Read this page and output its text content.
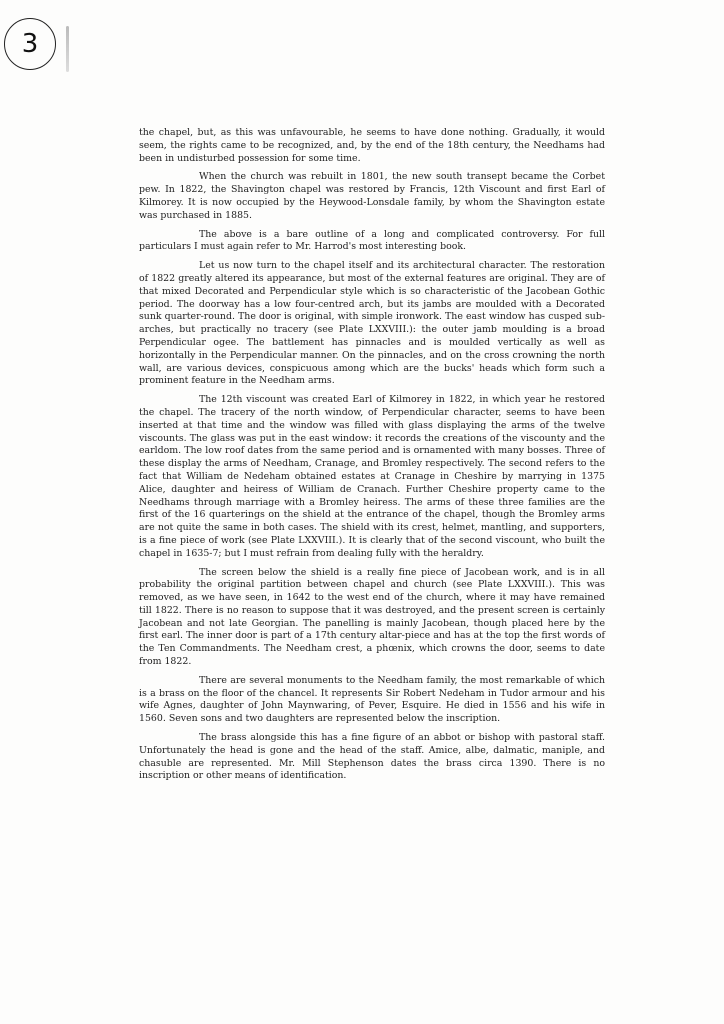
3

the chapel, but, as this was unfavourable, he seems to have done nothing. Gradually, it would seem, the rights came to be recognized, and, by the end of the 18th century, the Needhams had been in undisturbed possession for some time.

When the church was rebuilt in 1801, the new south transept became the Corbet pew. In 1822, the Shavington chapel was restored by Francis, 12th Viscount and first Earl of Kilmorey. It is now occupied by the Heywood-Lonsdale family, by whom the Shavington estate was purchased in 1885.

The above is a bare outline of a long and complicated controversy. For full particulars I must again refer to Mr. Harrod's most interesting book.

Let us now turn to the chapel itself and its architectural character. The restoration of 1822 greatly altered its appearance, but most of the external features are original. They are of that mixed Decorated and Perpendicular style which is so characteristic of the Jacobean Gothic period. The doorway has a low four-centred arch, but its jambs are moulded with a Decorated sunk quarter-round. The door is original, with simple ironwork. The east window has cusped sub-arches, but practically no tracery (see Plate LXXVIII.): the outer jamb moulding is a broad Perpendicular ogee. The battlement has pinnacles and is moulded vertically as well as horizontally in the Perpendicular manner. On the pinnacles, and on the cross crowning the north wall, are various devices, conspicuous among which are the bucks' heads which form such a prominent feature in the Needham arms.

The 12th viscount was created Earl of Kilmorey in 1822, in which year he restored the chapel. The tracery of the north window, of Perpendicular character, seems to have been inserted at that time and the window was filled with glass displaying the arms of the twelve viscounts. The glass was put in the east window: it records the creations of the viscounty and the earldom. The low roof dates from the same period and is ornamented with many bosses. Three of these display the arms of Needham, Cranage, and Bromley respectively. The second refers to the fact that William de Nedeham obtained estates at Cranage in Cheshire by marrying in 1375 Alice, daughter and heiress of William de Cranach. Further Cheshire property came to the Needhams through marriage with a Bromley heiress. The arms of these three families are the first of the 16 quarterings on the shield at the entrance of the chapel, though the Bromley arms are not quite the same in both cases. The shield with its crest, helmet, mantling, and supporters, is a fine piece of work (see Plate LXXVIII.). It is clearly that of the second viscount, who built the chapel in 1635-7; but I must refrain from dealing fully with the heraldry.

The screen below the shield is a really fine piece of Jacobean work, and is in all probability the original partition between chapel and church (see Plate LXXVIII.). This was removed, as we have seen, in 1642 to the west end of the church, where it may have remained till 1822. There is no reason to suppose that it was destroyed, and the present screen is certainly Jacobean and not late Georgian. The panelling is mainly Jacobean, though placed here by the first earl. The inner door is part of a 17th century altar-piece and has at the top the first words of the Ten Commandments. The Needham crest, a phœnix, which crowns the door, seems to date from 1822.

There are several monuments to the Needham family, the most remarkable of which is a brass on the floor of the chancel. It represents Sir Robert Nedeham in Tudor armour and his wife Agnes, daughter of John Maynwaring, of Pever, Esquire. He died in 1556 and his wife in 1560. Seven sons and two daughters are represented below the inscription.

The brass alongside this has a fine figure of an abbot or bishop with pastoral staff. Unfortunately the head is gone and the head of the staff. Amice, albe, dalmatic, maniple, and chasuble are represented. Mr. Mill Stephenson dates the brass circa 1390. There is no inscription or other means of identification.
